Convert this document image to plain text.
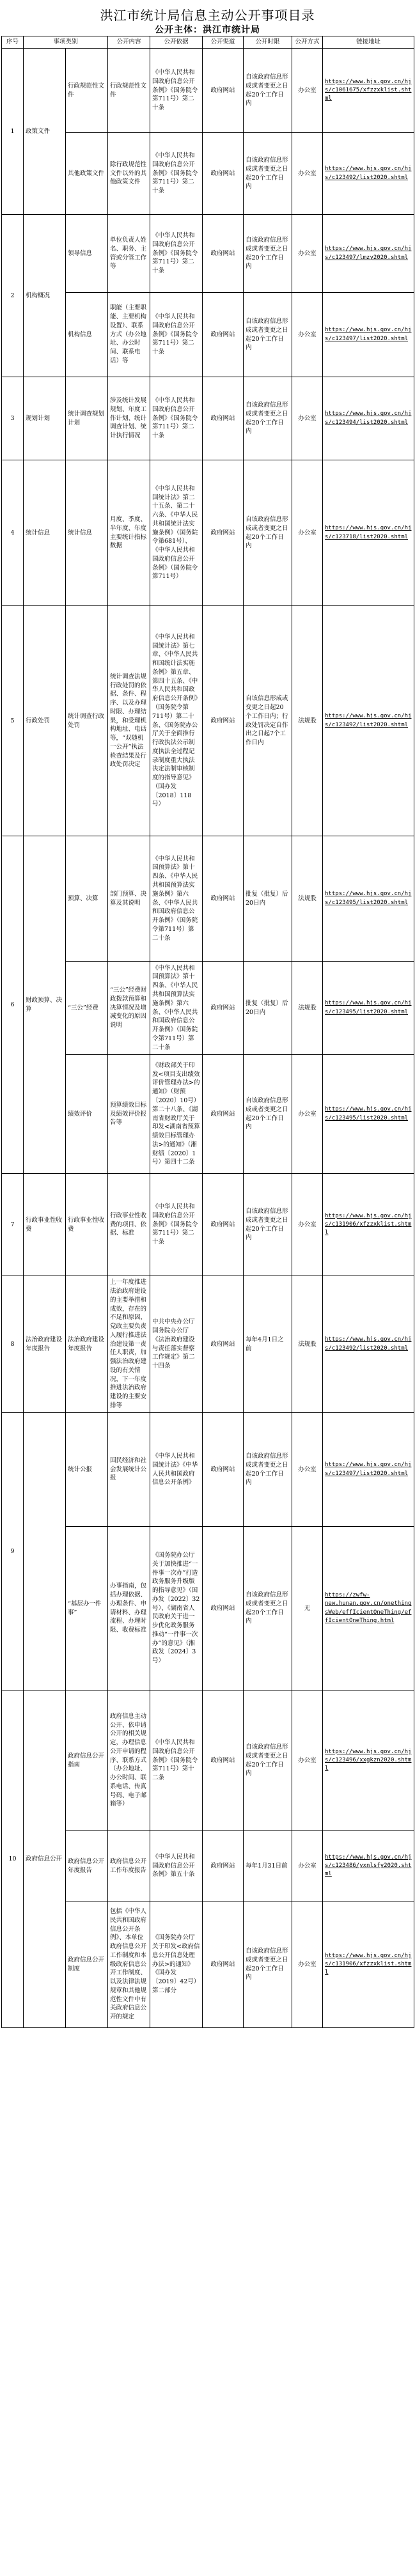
洪江市统计局信息主动公开事项目录
公开主体：洪江市统计局
序号	事项类别		公开内容	公开依据	公开渠道	公开时限	公开方式	链接地址
1	政策文件	行政规范性文件	行政规范性文件	《中华人民共和国政府信息公开条例》《国务院令第711号）第二十条	政府网站	自该政府信息形成或者变更之日起20个工作日内	办公室	https://www.hjs.gov.cn/hjs/c1061675/xfzzxklist.shtml
		其他政策文件	除行政规范性文件以外的其他政策文件	《中华人民共和国政府信息公开条例》《国务院令第711号）第二十条	政府网站	自该政府信息形成或者变更之日起20个工作日内	办公室	https://www.hjs.gov.cn/hjs/c123492/list2020.shtml
2	机构概况	领导信息	单位负责人姓名、职务、主管或分管工作等	《中华人民共和国政府信息公开条例》《国务院令第711号）第二十条	政府网站	自该政府信息形成或者变更之日起20个工作日内	办公室	https://www.hjs.gov.cn/hjs/c123497/lmzy2020.shtml
		机构信息	职能（主要职能、主要机构设置）、联系方式（办公地址、办公时间、联系电话）等	《中华人民共和国政府信息公开条例》《国务院令第711号）第二十条	政府网站	自该政府信息形成或者变更之日起20个工作日内	办公室	https://www.hjs.gov.cn/hjs/c123497/list2020.shtml
3	规划计划	统计调查规划计划	涉及统计发展规划、年度工作计划、统计调查计划、统计执行情况	《中华人民共和国政府信息公开条例》《国务院令第711号）第二十条	政府网站	自该政府信息形成或者变更之日起20个工作日内	办公室	https://www.hjs.gov.cn/hjs/c123494/list2020.shtml
4	统计信息	统计信息	月度、季度、半年度、年度主要统计指标数据	《中华人民共和国统计法》第二十五条、第二十六条、《中华人民共和国统计法实施条例》（国务院令第681号）、《中华人民共和国政府信息公开条例》（国务院令第711号）	政府网站	自该政府信息形成或者变更之日起20个工作日内	办公室	https://www.hjs.gov.cn/hjs/c123718/list2020.shtml
5	行政处罚	统计调查行政处罚	统计调查法规行政处罚的依据、条件、程序、以及办理时限、办理结果，和受理机构地址、电话等，“双随机一公开”执法检查结果及行政处罚决定	《中华人民共和国统计法》第七章、《中华人民共和国统计法实施条例》第五章、第四十五条、《中华人民共和国政府信息公开条例》（国务院令第711号）第二十条、《国务院办公厅关于全面推行行政执法公示制度执法全过程记录制度重大执法决定法制审核制度的指导意见》（国办发〔2018〕118号）	政府网站	自该信息形成或变更之日起20个工作日内；行政处罚决定自作出之日起7个工作日内	法规股	https://www.hjs.gov.cn/hjs/c123492/list2020.shtml
6	财政预算、决算	预算、决算	部门预算、决算及其说明	《中华人民共和国预算法》第十四条、《中华人民共和国预算法实施条例》第六条、《中华人民共和国政府信息公开条例》（国务院令第711号）第二十条	政府网站	批复（批复）后20日内	法规股	https://www.hjs.gov.cn/hjs/c123495/list2020.shtml
		“三公”经费	“三公”经费财政拨款预算和决算情况及增减变化的原因说明	《中华人民共和国预算法》第十四条、《中华人民共和国预算法实施条例》第六条、《中华人民共和国政府信息公开条例》（国务院令第711号）第二十条	政府网站	批复（批复）后20日内	法规股	https://www.hjs.gov.cn/hjs/c123495/list2020.shtml
		绩效评价	预算绩效目标及绩效评价报告等	《财政部关于印发<项目支出绩效评价管理办法>的通知》（财预〔2020〕10号）第二十八条、《湖南省财政厅关于印发<湖南省预算绩效目标管理办法>的通知》（湘财绩〔2020〕1号）第四十二条	政府网站	自该政府信息形成或者变更之日起20个工作日内	办公室	https://www.hjs.gov.cn/hjs/c123495/list2020.shtml
7	行政事业性收费	行政事业性收费	行政事业性收费的项目、依据、标准	《中华人民共和国政府信息公开条例》《国务院令第711号）第二十条	政府网站	自该政府信息形成或者变更之日起20个工作日内	办公室	https://www.hjs.gov.cn/hjs/c131906/xfzzxklist.shtml
8	法治政府建设年度报告	法治政府建设年度报告	上一年度推进法治政府建设的主要举措和成效，存在的不足和原因，党政主要负责人履行推进法治建设第一责任人职责，加强法治政府建设的有关情况，下一年度推进法治政府建设的主要安排等	中共中央办公厅 国务院办公厅《法治政府建设与责任落实督察工作规定》第二十四条	政府网站	每年4月1日之前	法规股	https://www.hjs.gov.cn/hjs/c123492/list2020.shtml
9		统计公报	国民经济和社会发展统计公报	《中华人民共和国统计法》《中华人民共和国政府信息公开条例》	政府网站	自该政府信息形成或者变更之日起20个工作日内	办公室	https://www.hjs.gov.cn/hjs/c123497/list2020.shtml
		“基层办一件事”	办事指南，包括办理依据、办理条件、申请材料、办理流程、办理时限、收费标准	《国务院办公厅关于加快推进“一件事一次办”打造政务服务升级版的指导意见》（国办发〔2022〕32号）、《湖南省人民政府关于进一步优化政务服务推动“一件事一次办”的意见》（湘政发〔2024〕3号）	政府网站	自该政府信息形成或者变更之日起20个工作日内	无	https://zwfw-new.hunan.gov.cn/onethingsWeb/effIcientOneThing/effIcientOneThing.html
10	政府信息公开	政府信息公开指南	政府信息主动公开、依申请公开的相关规定，办理信息公开申请的程序、联系方式（办公地址、办公时间、联系电话、传真号码、电子邮箱等）	《中华人民共和国政府信息公开条例》《国务院令第711号）第十二条	政府网站	自该政府信息形成或者变更之日起20个工作日内	办公室	https://www.hjs.gov.cn/hjs/c123496/xxgkzn2020.shtml
		政府信息公开年度报告	政府信息公开工作年度报告	《中华人民共和国政府信息公开条例》第五十条	政府网站	每年1月31日前	办公室	https://www.hjs.gov.cn/hjs/c123486/yxnlsfy2020.shtml
		政府信息公开制度	包括《中华人民共和国政府信息公开条例》、本单位政府信息公开工作制度和本级政府信息公开工作制度、以及法律法规规章和其他规范性文件中有关政府信息公开的规定	《国务院办公厅关于印发<政府信息公开信息处理办法>的通知》《国办发〔2019〕42号）第二部分	政府网站	自该政府信息形成或者变更之日起20个工作日内	办公室	https://www.hjs.gov.cn/hjs/c131906/xfzzxklist.shtml
